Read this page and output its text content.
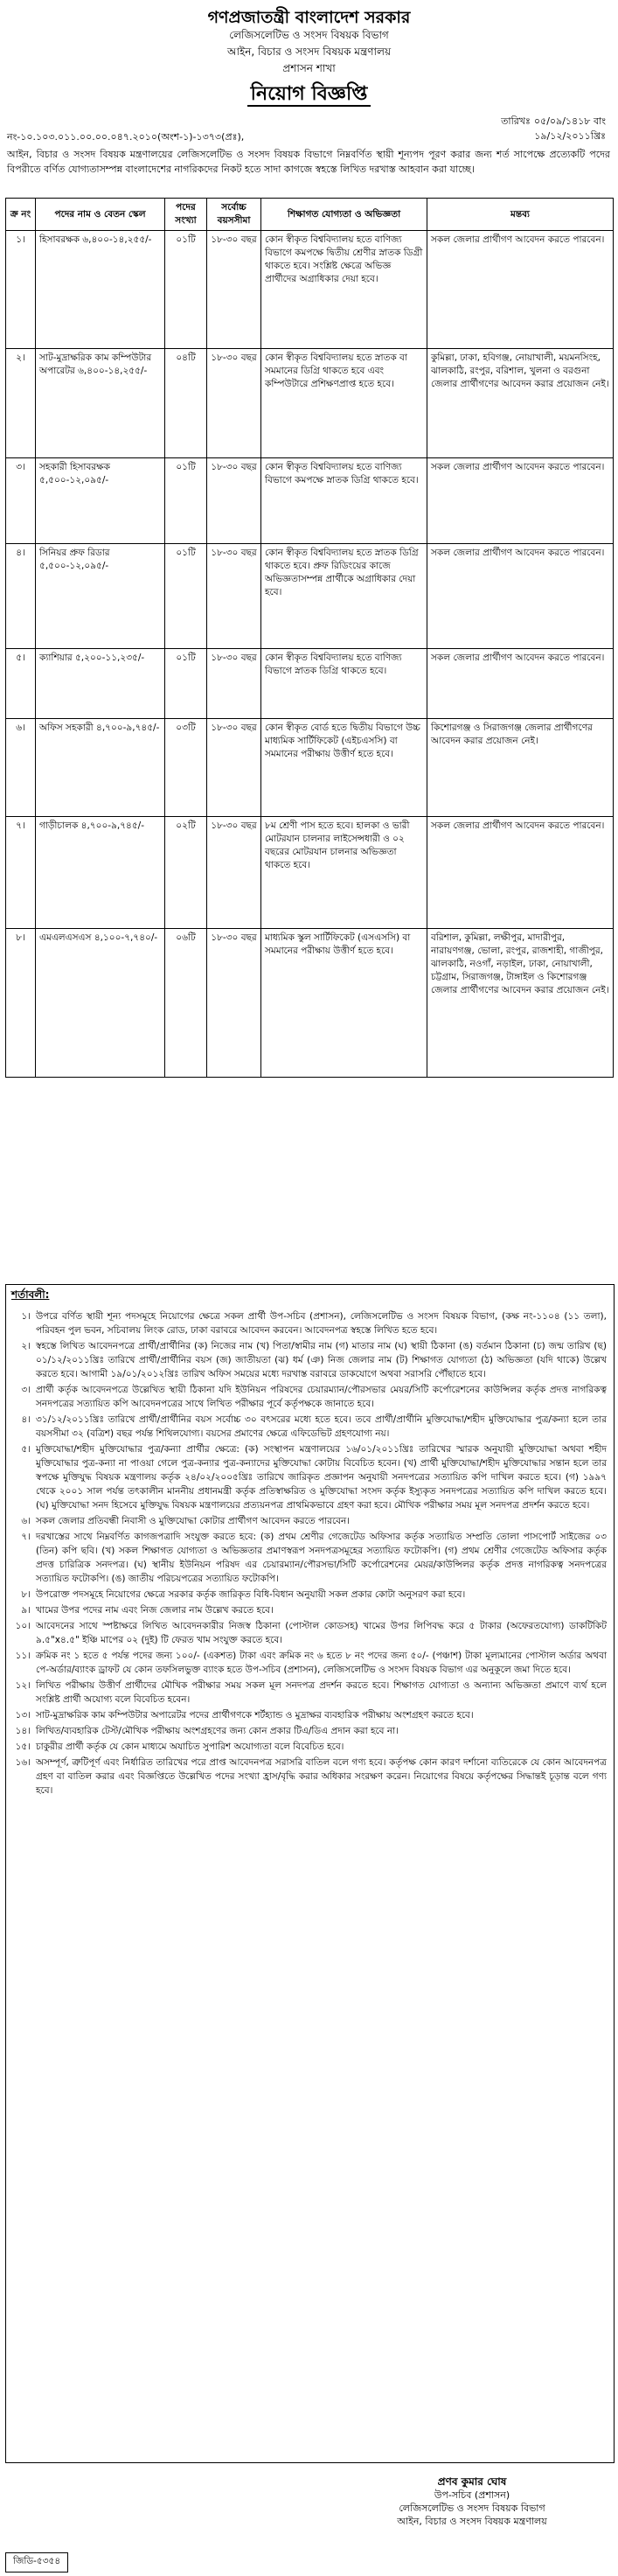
গণপ্রজাতন্ত্রী বাংলাদেশ সরকার
লেজিসলেটিভ ও সংসদ বিষয়ক বিভাগ
আইন, বিচার ও সংসদ বিষয়ক মন্ত্রণালয়
প্রশাসন শাখা
নিয়োগ বিজ্ঞপ্তি
তারিখঃ ০৫/০৯/১৪১৮ বাং
১৯/১২/২০১১খ্রিঃ
নং-১০.১০৩.০১১.০০.০০.০৪৭.২০১০(অংশ-১)-১৩৭৩(প্রঃ),
আইন, বিচার ও সংসদ বিষয়ক মন্ত্রণালয়ের লেজিসলেটিভ ও সংসদ বিষয়ক বিভাগে নিম্নবর্ণিত স্থায়ী শূন্যপদ পূরণ করার জন্য শর্ত সাপেক্ষে প্রত্যেকটি পদের বিপরীতে বর্ণিত যোগ্যতাসম্পন্ন বাংলাদেশের নাগরিকদের নিকট হতে সাদা কাগজে স্বহস্তে লিখিত দরখাস্ত আহবান করা যাচ্ছে।
ক্র নং	পদের নাম ও বেতন স্কেল	পদের সংখ্যা	সর্বোচ্চ বয়সসীমা	শিক্ষাগত যোগ্যতা ও অভিজ্ঞতা	মন্তব্য
১।	হিসাবরক্ষক ৬,৪০০-১৪,২৫৫/-	০১টি	১৮-৩০ বছর	কোন স্বীকৃত বিশ্ববিদ্যালয় হতে বাণিজ্য বিভাগে কমপক্ষে দ্বিতীয় শ্রেণীর স্নাতক ডিগ্রী থাকতে হবে। সংশ্লিষ্ট ক্ষেত্রে অভিজ্ঞ প্রার্থীদের অগ্রাধিকার দেয়া হবে।	সকল জেলার প্রার্থীগণ আবেদন করতে পারবেন।
২।	সাট-মুদ্রাক্ষরিক কাম কম্পিউটার অপারেটর ৬,৪০০-১৪,২৫৫/-	০৪টি	১৮-৩০ বছর	কোন স্বীকৃত বিশ্ববিদ্যালয় হতে স্নাতক বা সমমানের ডিগ্রি থাকতে হবে এবং কম্পিউটারে প্রশিক্ষণপ্রাপ্ত হতে হবে।	কুমিল্লা, ঢাকা, হবিগঞ্জ, নোয়াখালী, ময়মনসিংহ, ঝালকাঠি, রংপুর, বরিশাল, খুলনা ও বরগুনা জেলার প্রার্থীগণের আবেদন করার প্রয়োজন নেই।
৩।	সহকারী হিসাবরক্ষক ৫,৫০০-১২,০৯৫/-	০১টি	১৮-৩০ বছর	কোন স্বীকৃত বিশ্ববিদ্যালয় হতে বাণিজ্য বিভাগে কমপক্ষে স্নাতক ডিগ্রি থাকতে হবে।	সকল জেলার প্রার্থীগণ আবেদন করতে পারবেন।
৪।	সিনিয়র প্রুফ রিডার ৫,৫০০-১২,০৯৫/-	০১টি	১৮-৩০ বছর	কোন স্বীকৃত বিশ্ববিদ্যালয় হতে স্নাতক ডিগ্রি থাকতে হবে। প্রুফ রিডিংয়ের কাজে অভিজ্ঞতাসম্পন্ন প্রার্থীকে অগ্রাধিকার দেয়া হবে।	সকল জেলার প্রার্থীগণ আবেদন করতে পারবেন।
৫।	ক্যাশিয়ার ৫,২০০-১১,২৩৫/-	০১টি	১৮-৩০ বছর	কোন স্বীকৃত বিশ্ববিদ্যালয় হতে বাণিজ্য বিভাগে স্নাতক ডিগ্রি থাকতে হবে।	সকল জেলার প্রার্থীগণ আবেদন করতে পারবেন।
৬।	অফিস সহকারী ৪,৭০০-৯,৭৪৫/-	০৩টি	১৮-৩০ বছর	কোন স্বীকৃত বোর্ড হতে দ্বিতীয় বিভাগে উচ্চ মাধ্যমিক সার্টিফিকেট (এইচএসসি) বা সমমানের পরীক্ষায় উত্তীর্ণ হতে হবে।	কিশোরগঞ্জ ও সিরাজগঞ্জ জেলার প্রার্থীগণের আবেদন করার প্রয়োজন নেই।
৭।	গাড়ীচালক ৪,৭০০-৯,৭৪৫/-	০২টি	১৮-৩০ বছর	৮ম শ্রেণী পাস হতে হবে। হালকা ও ভারী মোটরযান চালনার লাইসেন্সধারী ও ০২ বছরের মোটরযান চালনার অভিজ্ঞতা থাকতে হবে।	সকল জেলার প্রার্থীগণ আবেদন করতে পারবেন।
৮।	এমএলএসএস ৪,১০০-৭,৭৪০/-	০৬টি	১৮-৩০ বছর	মাধ্যমিক স্কুল সার্টিফিকেট (এসএসসি) বা সমমানের পরীক্ষায় উত্তীর্ণ হতে হবে।	বরিশাল, কুমিল্লা, লক্ষীপুর, মাদারীপুর, নারায়ণগঞ্জ, ভোলা, রংপুর, রাজশাহী, গাজীপুর, ঝালকাঠি, নওগাঁ, নড়াইল, ঢাকা, নোয়াখালী, চট্টগ্রাম, সিরাজগঞ্জ, টাঙ্গাইল ও কিশোরগঞ্জ জেলার প্রার্থীগণের আবেদন করার প্রয়োজন নেই।
শর্তাবলী:
১। উপরে বর্ণিত স্থায়ী শূন্য পদসমূহে নিয়োগের ক্ষেত্রে সকল প্রার্থী উপ-সচিব (প্রশাসন), লেজিসলেটিভ ও সংসদ বিষয়ক বিভাগ, (কক্ষ নং-১১০৪ (১১ তলা), পরিবহন পুল ভবন, সচিবালয় লিংক রোড, ঢাকা বরাবরে আবেদন করবেন। আবেদনপত্র স্বহস্তে লিখিত হতে হবে।
২। স্বহস্তে লিখিত আবেদনপত্রে প্রার্থী/প্রার্থীনির (ক) নিজের নাম (খ) পিতা/স্বামীর নাম (গ) মাতার নাম (ঘ) স্থায়ী ঠিকানা (ঙ) বর্তমান ঠিকানা (চ) জন্ম তারিখ (ছ) ০১/১২/২০১১খ্রিঃ তারিখে প্রার্থী/প্রার্থীনির বয়স (জ) জাতীয়তা (ঝ) ধর্ম (ঞ) নিজ জেলার নাম (ট) শিক্ষাগত যোগ্যতা (ঠ) অভিজ্ঞতা (যদি থাকে) উল্লেখ করতে হবে। আগামী ১৯/০১/২০১২খ্রিঃ তারিখ অফিস সময়ের মধ্যে দরখাস্ত বরাবরে ডাকযোগে অথবা সরাসরি পৌঁছাতে হবে।
৩। প্রার্থী কর্তৃক আবেদনপত্রে উল্লেখিত স্থায়ী ঠিকানা যদি ইউনিয়ন পরিষদের চেয়ারম্যান/পৌরসভার মেয়র/সিটি কর্পোরেশনের কাউন্সিলর কর্তৃক প্রদত্ত নাগরিকত্ব সনদপত্রের সত্যায়িত কপি আবেদনপত্রের সাথে লিখিত পরীক্ষার পূর্বে কর্তৃপক্ষকে জানাতে হবে।
৪। ৩১/১২/২০১১খ্রিঃ তারিখে প্রার্থী/প্রার্থীনির বয়স সর্বোচ্চ ৩০ বৎসরের মধ্যে হতে হবে। তবে প্রার্থী/প্রার্থীনি মুক্তিযোদ্ধা/শহীদ মুক্তিযোদ্ধার পুত্র/কন্যা হলে তার বয়সসীমা ৩২ (বত্রিশ) বছর পর্যন্ত শিথিলযোগ্য। বয়সের প্রমাণের ক্ষেত্রে এফিডেভিট গ্রহণযোগ্য নয়।
৫। মুক্তিযোদ্ধা/শহীদ মুক্তিযোদ্ধার পুত্র/কন্যা প্রার্থীর ক্ষেত্রে: (ক) সংস্থাপন মন্ত্রণালয়ের ১৬/০১/২০১১খ্রিঃ তারিখের স্মারক অনুযায়ী মুক্তিযোদ্ধা অথবা শহীদ মুক্তিযোদ্ধার পুত্র-কন্যা না পাওয়া গেলে পুত্র-কন্যার পুত্র-কন্যাদের মুক্তিযোদ্ধা কোটায় বিবেচিত হবেন। (খ) প্রার্থী মুক্তিযোদ্ধা/শহীদ মুক্তিযোদ্ধার সন্তান হলে তার স্বপক্ষে মুক্তিযুদ্ধ বিষয়ক মন্ত্রণালয় কর্তৃক ২৪/০২/২০০৫খ্রিঃ তারিখে জারিকৃত প্রজ্ঞাপন অনুযায়ী সনদপত্রের সত্যায়িত কপি দাখিল করতে হবে। (গ) ১৯৯৭ থেকে ২০০১ সাল পর্যন্ত তৎকালীন মাননীয় প্রধানমন্ত্রী কর্তৃক প্রতিস্বাক্ষরিত ও মুক্তিযোদ্ধা সংসদ কর্তৃক ইস্যুকৃত সনদপত্রের সত্যায়িত কপি দাখিল করতে হবে। (ঘ) মুক্তিযোদ্ধা সনদ হিসেবে মুক্তিযুদ্ধ বিষয়ক মন্ত্রণালয়ের প্রত্যয়নপত্র প্রাথমিকভাবে গ্রহণ করা হবে। মৌখিক পরীক্ষার সময় মূল সনদপত্র প্রদর্শন করতে হবে।
৬। সকল জেলার প্রতিবন্ধী নিবাসী ও মুক্তিযোদ্ধা কোটার প্রার্থীগণ আবেদন করতে পারবেন।
৭। দরখাস্তের সাথে নিম্নবর্ণিত কাগজপত্রাদি সংযুক্ত করতে হবে: (ক) প্রথম শ্রেণীর গেজেটেড অফিসার কর্তৃক সত্যায়িত সম্প্রতি তোলা পাসপোর্ট সাইজের ০৩ (তিন) কপি ছবি। (খ) সকল শিক্ষাগত যোগ্যতা ও অভিজ্ঞতার প্রমাণস্বরূপ সনদপত্রসমূহের সত্যায়িত ফটোকপি। (গ) প্রথম শ্রেণীর গেজেটেড অফিসার কর্তৃক প্রদত্ত চারিত্রিক সনদপত্র। (ঘ) স্থানীয় ইউনিয়ন পরিষদ এর চেয়ারম্যান/পৌরসভা/সিটি কর্পোরেশনের মেয়র/কাউন্সিলর কর্তৃক প্রদত্ত নাগরিকত্ব সনদপত্রের সত্যায়িত ফটোকপি। (ঙ) জাতীয় পরিচয়পত্রের সত্যায়িত ফটোকপি।
৮। উপরোক্ত পদসমূহে নিয়োগের ক্ষেত্রে সরকার কর্তৃক জারিকৃত বিধি-বিধান অনুযায়ী সকল প্রকার কোটা অনুসরণ করা হবে।
৯। খামের উপর পদের নাম এবং নিজ জেলার নাম উল্লেখ করতে হবে।
১০। আবেদনের সাথে স্পষ্টাক্ষরে লিখিত আবেদনকারীর নিজস্ব ঠিকানা (পোস্টাল কোডসহ) খামের উপর লিপিবদ্ধ করে ৫ টাকার (অফেরতযোগ্য) ডাকটিকিট ৯.৫"x৪.৫" ইঞ্চি মাপের ০২ (দুই) টি ফেরত খাম সংযুক্ত করতে হবে।
১১। ক্রমিক নং ১ হতে ৫ পর্যন্ত পদের জন্য ১০০/- (একশত) টাকা এবং ক্রমিক নং ৬ হতে ৮ নং পদের জন্য ৫০/- (পঞ্চাশ) টাকা মূল্যমানের পোস্টাল অর্ডার অথবা পে-অর্ডার/ব্যাংক ড্রাফট যে কোন তফসিলভুক্ত ব্যাংক হতে উপ-সচিব (প্রশাসন), লেজিসলেটিভ ও সংসদ বিষয়ক বিভাগ এর অনুকূলে জমা দিতে হবে।
১২। লিখিত পরীক্ষায় উত্তীর্ণ প্রার্থীদের মৌখিক পরীক্ষার সময় সকল মূল সনদপত্র প্রদর্শন করতে হবে। শিক্ষাগত যোগ্যতা ও অন্যান্য অভিজ্ঞতা প্রমাণে ব্যর্থ হলে সংশ্লিষ্ট প্রার্থী অযোগ্য বলে বিবেচিত হবেন।
১৩। সাট-মুদ্রাক্ষরিক কাম কম্পিউটার অপারেটর পদের প্রার্থীগণকে শর্টহ্যান্ড ও মুদ্রাক্ষর ব্যবহারিক পরীক্ষায় অংশগ্রহণ করতে হবে।
১৪। লিখিত/ব্যবহারিক টেস্ট/মৌখিক পরীক্ষায় অংশগ্রহণের জন্য কোন প্রকার টিএ/ডিএ প্রদান করা হবে না।
১৫। চাকুরীর প্রার্থী কর্তৃক যে কোন মাধ্যমে অযাচিত সুপারিশ অযোগ্যতা বলে বিবেচিত হবে।
১৬। অসম্পূর্ণ, ত্রুটিপূর্ণ এবং নির্ধারিত তারিখের পরে প্রাপ্ত আবেদনপত্র সরাসরি বাতিল বলে গণ্য হবে। কর্তৃপক্ষ কোন কারণ দর্শানো ব্যতিরেকে যে কোন আবেদনপত্র গ্রহণ বা বাতিল করার এবং বিজ্ঞপ্তিতে উল্লেখিত পদের সংখ্যা হ্রাস/বৃদ্ধি করার অধিকার সংরক্ষণ করেন। নিয়োগের বিষয়ে কর্তৃপক্ষের সিদ্ধান্তই চূড়ান্ত বলে গণ্য হবে।
প্রণব কুমার ঘোষ
উপ-সচিব (প্রশাসন)
লেজিসলেটিভ ও সংসদ বিষয়ক বিভাগ
আইন, বিচার ও সংসদ বিষয়ক মন্ত্রণালয়
জিডি-৫৩৫৪
